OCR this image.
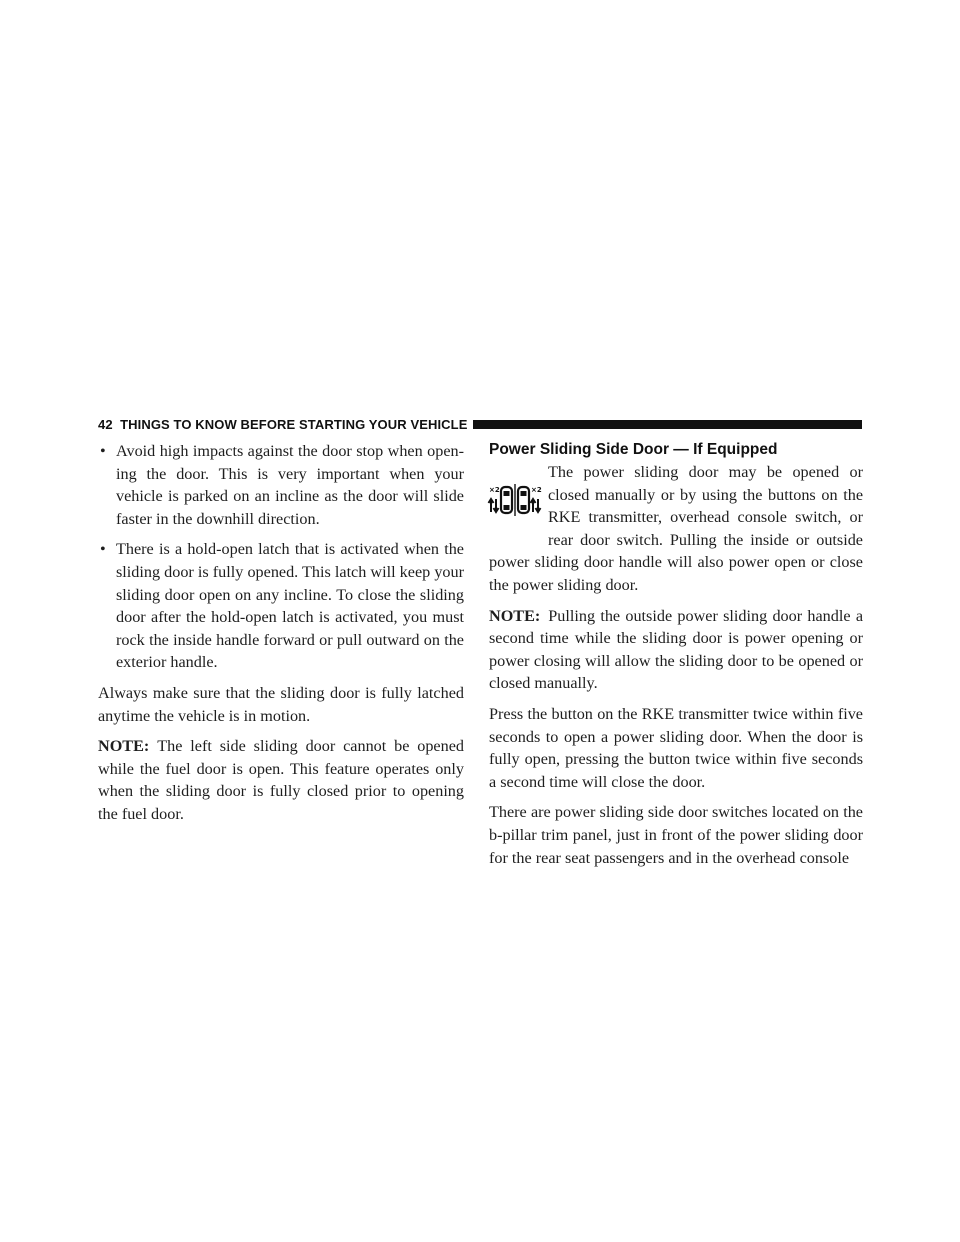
42 THINGS TO KNOW BEFORE STARTING YOUR VEHICLE

• Avoid high impacts against the door stop when open-ing the door. This is very important when your vehicle is parked on an incline as the door will slide faster in the downhill direction.

• There is a hold-open latch that is activated when the sliding door is fully opened. This latch will keep your sliding door open on any incline. To close the sliding door after the hold-open latch is activated, you must rock the inside handle forward or pull outward on the exterior handle.

Always make sure that the sliding door is fully latched anytime the vehicle is in motion.

NOTE: The left side sliding door cannot be opened while the fuel door is open. This feature operates only when the sliding door is fully closed prior to opening the fuel door.

Power Sliding Side Door — If Equipped
×2	×2

The power sliding door may be opened or closed manually or by using the buttons on the RKE transmitter, overhead console switch, or rear door switch. Pulling the inside or outside power sliding door handle will also power open or close the power sliding door.

NOTE: Pulling the outside power sliding door handle a second time while the sliding door is power opening or power closing will allow the sliding door to be opened or closed manually.

Press the button on the RKE transmitter twice within five seconds to open a power sliding door. When the door is fully open, pressing the button twice within five seconds a second time will close the door.

There are power sliding side door switches located on the b-pillar trim panel, just in front of the power sliding door for the rear seat passengers and in the overhead console
